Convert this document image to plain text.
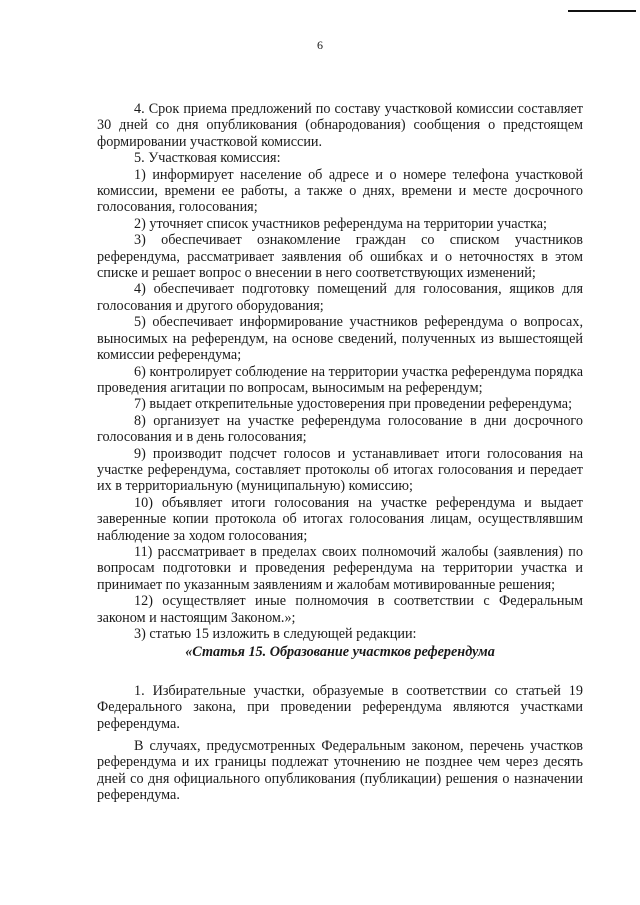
6

4. Срок приема предложений по составу участковой комиссии составляет 30 дней со дня опубликования (обнародования) сообщения о предстоящем формировании участковой комиссии.

5. Участковая комиссия:

1) информирует население об адресе и о номере телефона участковой комиссии, времени ее работы, а также о днях, времени и месте досрочного голосования, голосования;

2) уточняет список участников референдума на территории участка;

3) обеспечивает ознакомление граждан со списком участников референдума, рассматривает заявления об ошибках и о неточностях в этом списке и решает вопрос о внесении в него соответствующих изменений;

4) обеспечивает подготовку помещений для голосования, ящиков для голосования и другого оборудования;

5) обеспечивает информирование участников референдума о вопросах, выносимых на референдум, на основе сведений, полученных из вышестоящей комиссии референдума;

6) контролирует соблюдение на территории участка референдума порядка проведения агитации по вопросам, выносимым на референдум;

7) выдает открепительные удостоверения при проведении референдума;

8) организует на участке референдума голосование в дни досрочного голосования и в день голосования;

9) производит подсчет голосов и устанавливает итоги голосования на участке референдума, составляет протоколы об итогах голосования и передает их в территориальную (муниципальную) комиссию;

10) объявляет итоги голосования на участке референдума и выдает заверенные копии протокола об итогах голосования лицам, осуществлявшим наблюдение за ходом голосования;

11) рассматривает в пределах своих полномочий жалобы (заявления) по вопросам подготовки и проведения референдума на территории участка и принимает по указанным заявлениям и жалобам мотивированные решения;

12) осуществляет иные полномочия в соответствии с Федеральным законом и настоящим Законом.»;

3) статью 15 изложить в следующей редакции:

«Статья 15. Образование участков референдума

1. Избирательные участки, образуемые в соответствии со статьей 19 Федерального закона, при проведении референдума являются участками референдума.

В случаях, предусмотренных Федеральным законом, перечень участков референдума и их границы подлежат уточнению не позднее чем через десять дней со дня официального опубликования (публикации) решения о назначении референдума.
